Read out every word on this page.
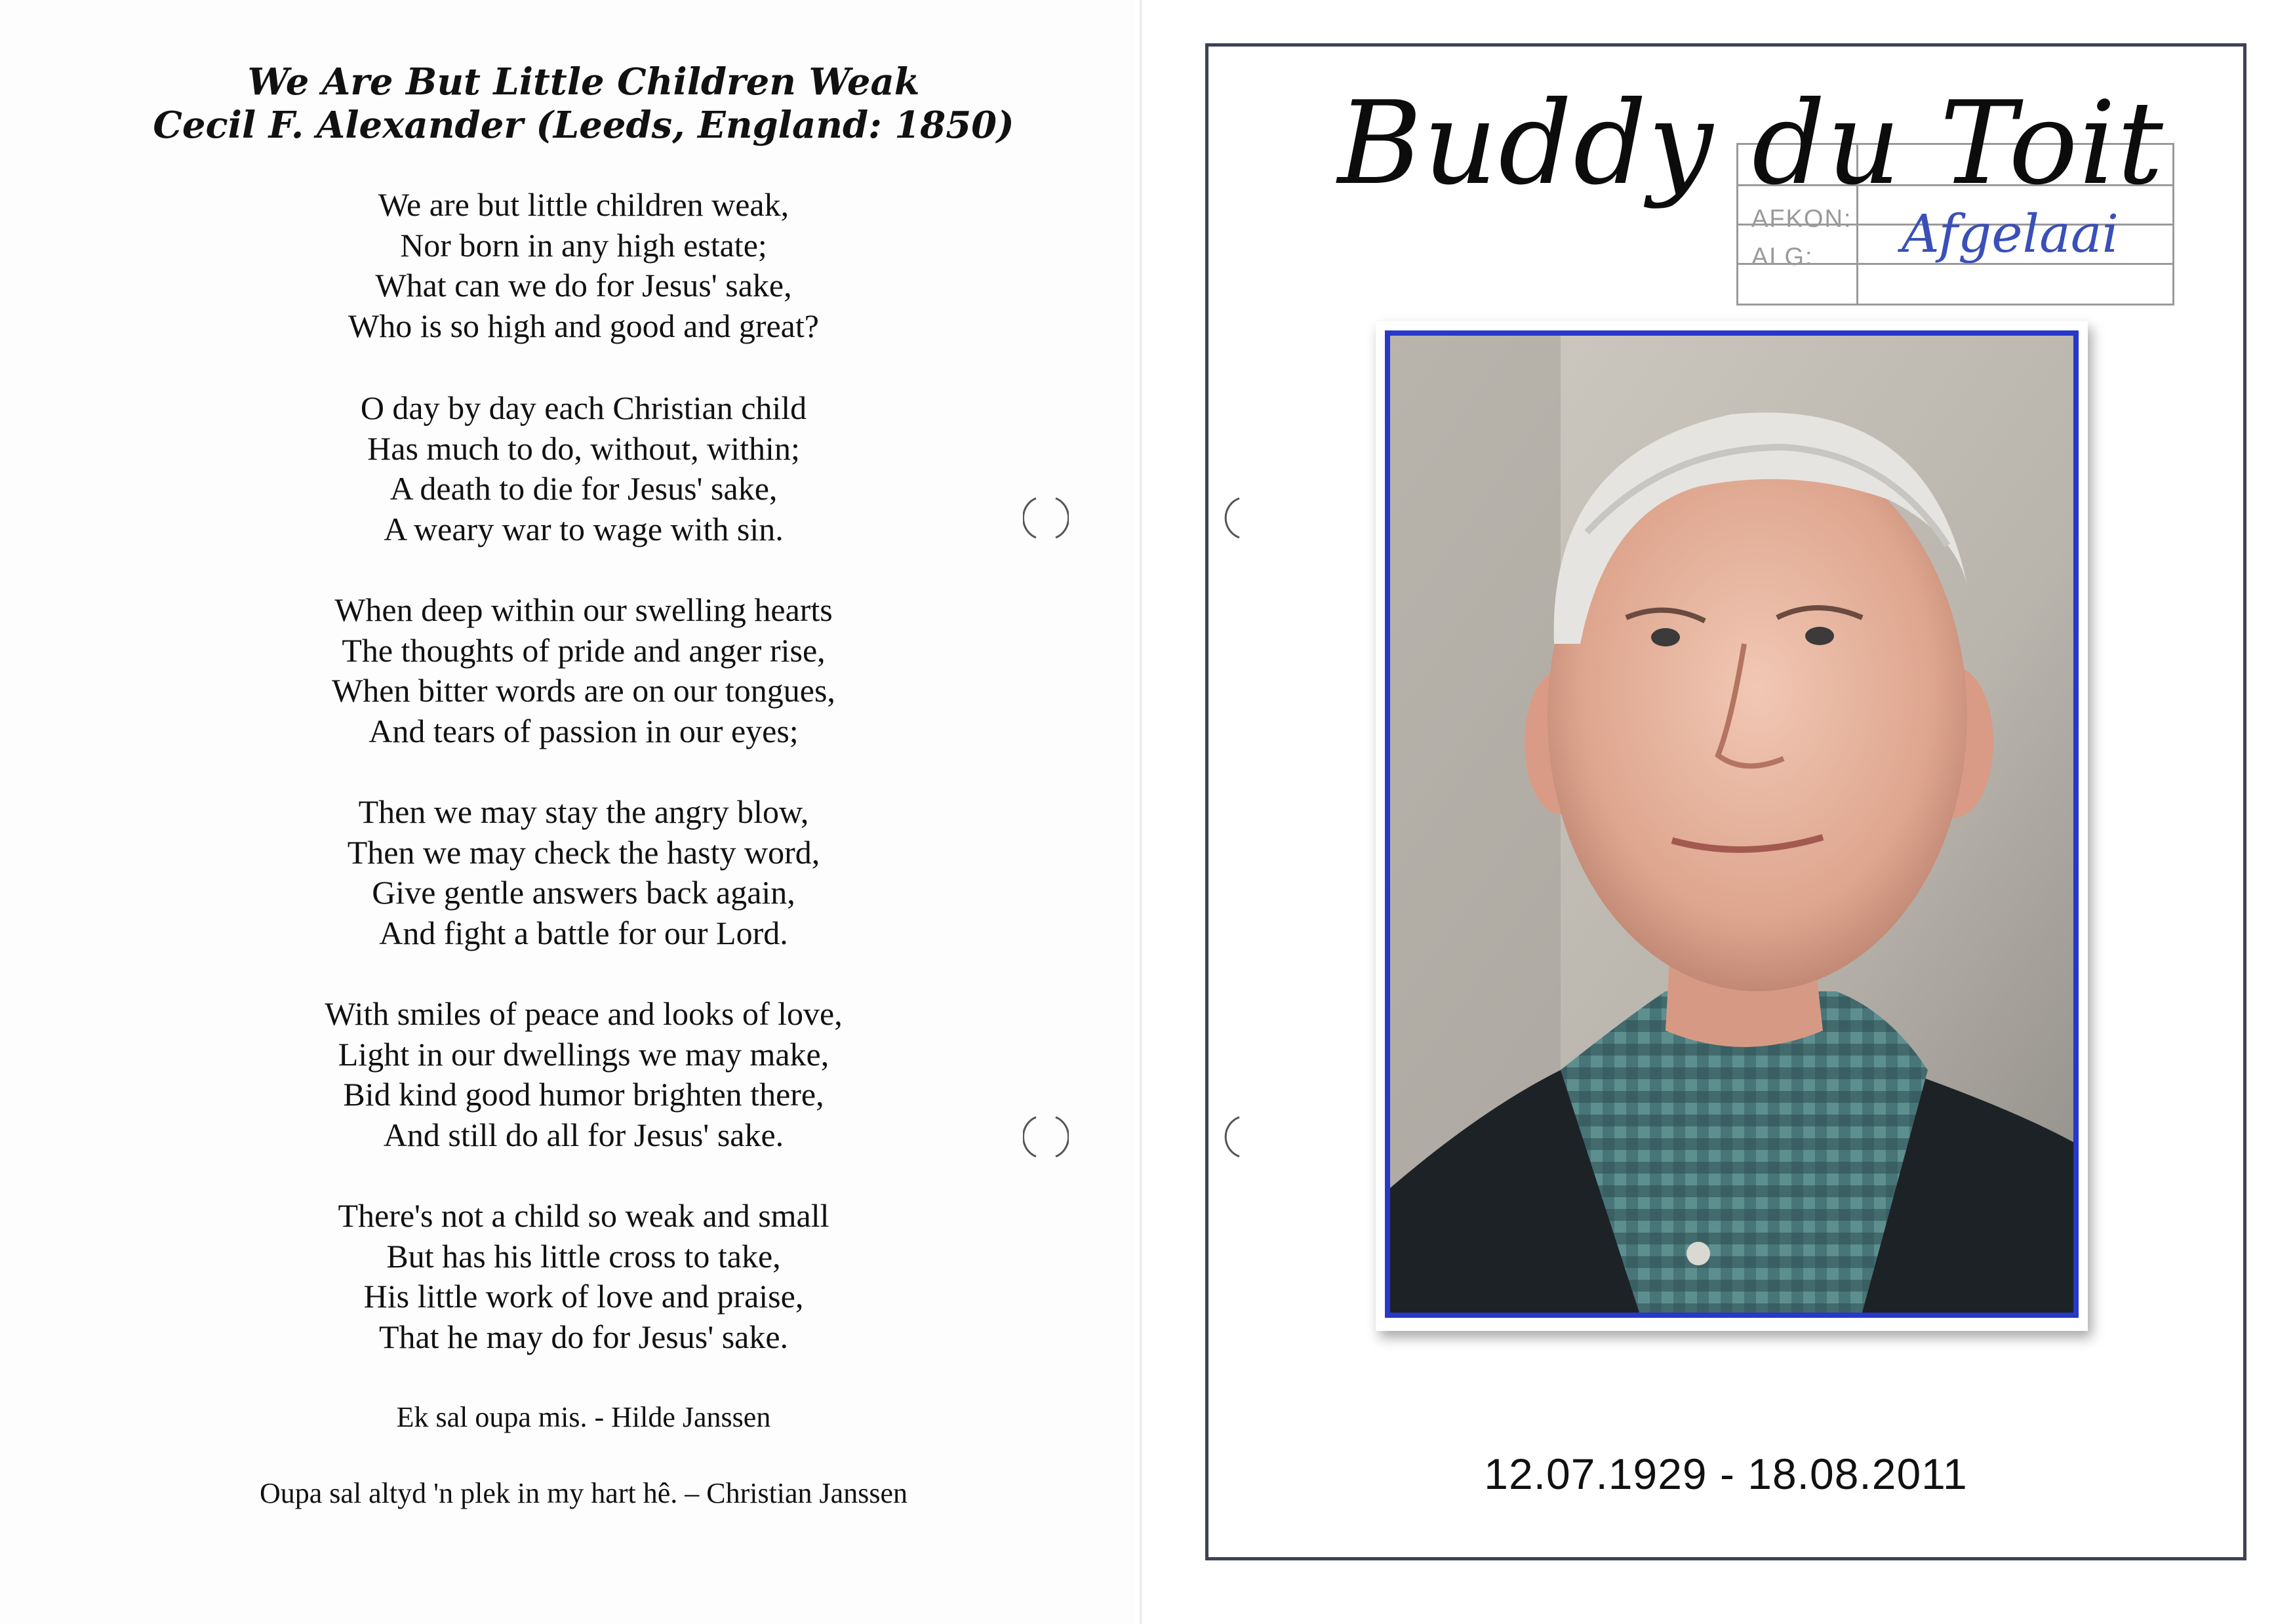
We Are But Little Children Weak
Cecil F. Alexander (Leeds, England: 1850)
We are but little children weak,
Nor born in any high estate;
What can we do for Jesus' sake,
Who is so high and good and great?
O day by day each Christian child
Has much to do, without, within;
A death to die for Jesus' sake,
A weary war to wage with sin.
When deep within our swelling hearts
The thoughts of pride and anger rise,
When bitter words are on our tongues,
And tears of passion in our eyes;
Then we may stay the angry blow,
Then we may check the hasty word,
Give gentle answers back again,
And fight a battle for our Lord.
With smiles of peace and looks of love,
Light in our dwellings we may make,
Bid kind good humor brighten there,
And still do all for Jesus' sake.
There's not a child so weak and small
But has his little cross to take,
His little work of love and praise,
That he may do for Jesus' sake.
Ek sal oupa mis. - Hilde Janssen
Oupa sal altyd 'n plek in my hart hê. – Christian Janssen
AFKON:
ALG:
Buddy du Toit
Afgelaai
12.07.1929 - 18.08.2011
